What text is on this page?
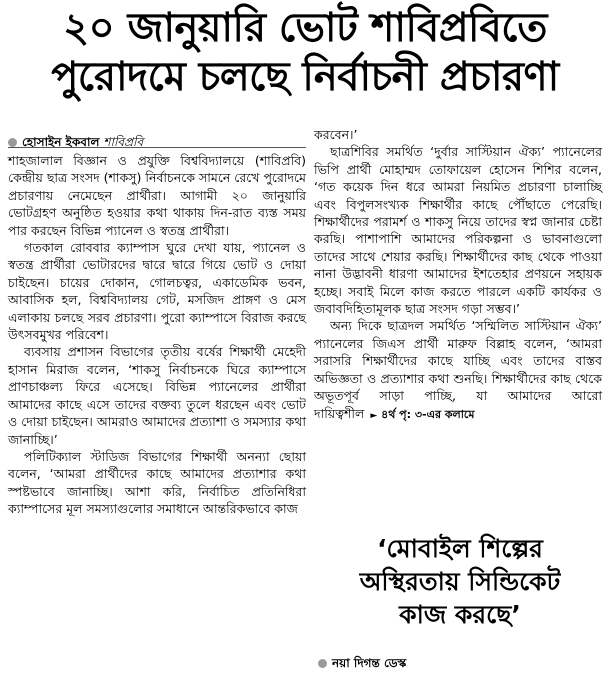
২০ জানুয়ারি ভোট শাবিপ্রবিতে
পুরোদমে চলছে নির্বাচনী প্রচারণা
হোসাইন ইকবাল শাবিপ্রবি

শাহজালাল বিজ্ঞান ও প্রযুক্তি বিশ্ববিদ্যালয়ে (শাবিপ্রবি) কেন্দ্রীয় ছাত্র সংসদ (শাকসু) নির্বাচনকে সামনে রেখে পুরোদমে প্রচারণায় নেমেছেন প্রার্থীরা। আগামী ২০ জানুয়ারি ভোটগ্রহণ অনুষ্ঠিত হওয়ার কথা থাকায় দিন-রাত ব্যস্ত সময় পার করছেন বিভিন্ন প্যানেল ও স্বতন্ত্র প্রার্থীরা।

গতকাল রোববার ক্যাম্পাস ঘুরে দেখা যায়, প্যানেল ও স্বতন্ত্র প্রার্থীরা ভোটারদের দ্বারে দ্বারে গিয়ে ভোট ও দোয়া চাইছেন। চায়ের দোকান, গোলচত্বর, একাডেমিক ভবন, আবাসিক হল, বিশ্ববিদ্যালয় গেট, মসজিদ প্রাঙ্গণ ও মেস এলাকায় চলছে সরব প্রচারণা। পুরো ক্যাম্পাসে বিরাজ করছে উৎসবমুখর পরিবেশ।

ব্যবসায় প্রশাসন বিভাগের তৃতীয় বর্ষের শিক্ষার্থী মেহেদী হাসান মিরাজ বলেন, ‘শাকসু নির্বাচনকে ঘিরে ক্যাম্পাসে প্রাণচাঞ্চল্য ফিরে এসেছে। বিভিন্ন প্যানেলের প্রার্থীরা আমাদের কাছে এসে তাদের বক্তব্য তুলে ধরছেন এবং ভোট ও দোয়া চাইছেন। আমরাও আমাদের প্রত্যাশা ও সমস্যার কথা জানাচ্ছি।’

পলিটিক্যাল স্টাডিজ বিভাগের শিক্ষার্থী অনন্যা ছোয়া বলেন, ‘আমরা প্রার্থীদের কাছে আমাদের প্রত্যাশার কথা স্পষ্টভাবে জানাচ্ছি। আশা করি, নির্বাচিত প্রতিনিধিরা ক্যাম্পাসের মূল সমস্যাগুলোর সমাধানে আন্তরিকভাবে কাজ

করবেন।’

ছাত্রশিবির সমর্থিত ‘দুর্বার সাস্টিয়ান ঐক্য’ প্যানেলের ভিপি প্রার্থী মোহাম্মদ তোফায়েল হোসেন শিশির বলেন, ‘গত কয়েক দিন ধরে আমরা নিয়মিত প্রচারণা চালাচ্ছি এবং বিপুলসংখ্যক শিক্ষার্থীর কাছে পৌঁছাতে পেরেছি। শিক্ষার্থীদের পরামর্শ ও শাকসু নিয়ে তাদের স্বপ্ন জানার চেষ্টা করছি। পাশাপাশি আমাদের পরিকল্পনা ও ভাবনাগুলো তাদের সাথে শেয়ার করছি। শিক্ষার্থীদের কাছ থেকে পাওয়া নানা উদ্ভাবনী ধারণা আমাদের ইশতেহার প্রণয়নে সহায়ক হচ্ছে। সবাই মিলে কাজ করতে পারলে একটি কার্যকর ও জবাবদিহিতামূলক ছাত্র সংসদ গড়া সম্ভব।’

অন্য দিকে ছাত্রদল সমর্থিত ‘সম্মিলিত সাস্টিয়ান ঐক্য’ প্যানেলের জিএস প্রার্থী মারুফ বিল্লাহ বলেন, ‘আমরা সরাসরি শিক্ষার্থীদের কাছে যাচ্ছি এবং তাদের বাস্তব অভিজ্ঞতা ও প্রত্যাশার কথা শুনছি। শিক্ষার্থীদের কাছ থেকে অভূতপূর্ব সাড়া পাচ্ছি, যা আমাদের আরো দায়িত্বশীল ► ৪র্থ পৃ: ৩-এর কলামে

‘মোবাইল শিল্পের
অস্থিরতায় সিন্ডিকেট
কাজ করছে’
নয়া দিগন্ত ডেস্ক
